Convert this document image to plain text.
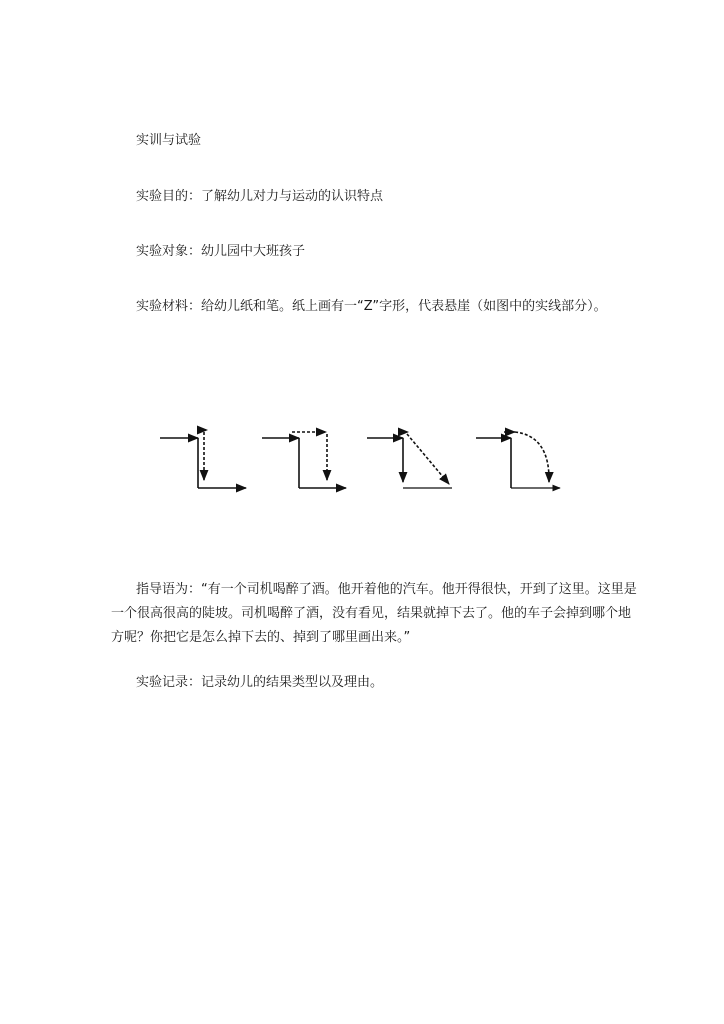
实训与试验
实验目的：了解幼儿对力与运动的认识特点
实验对象：幼儿园中大班孩子
实验材料：给幼儿纸和笔。纸上画有一“Z”字形，代表悬崖（如图中的实线部分）。
指导语为：“有一个司机喝醉了酒。他开着他的汽车。他开得很快，开到了这里。这里是
一个很高很高的陡坡。司机喝醉了酒，没有看见，结果就掉下去了。他的车子会掉到哪个地
方呢？你把它是怎么掉下去的、掉到了哪里画出来。”
实验记录：记录幼儿的结果类型以及理由。
